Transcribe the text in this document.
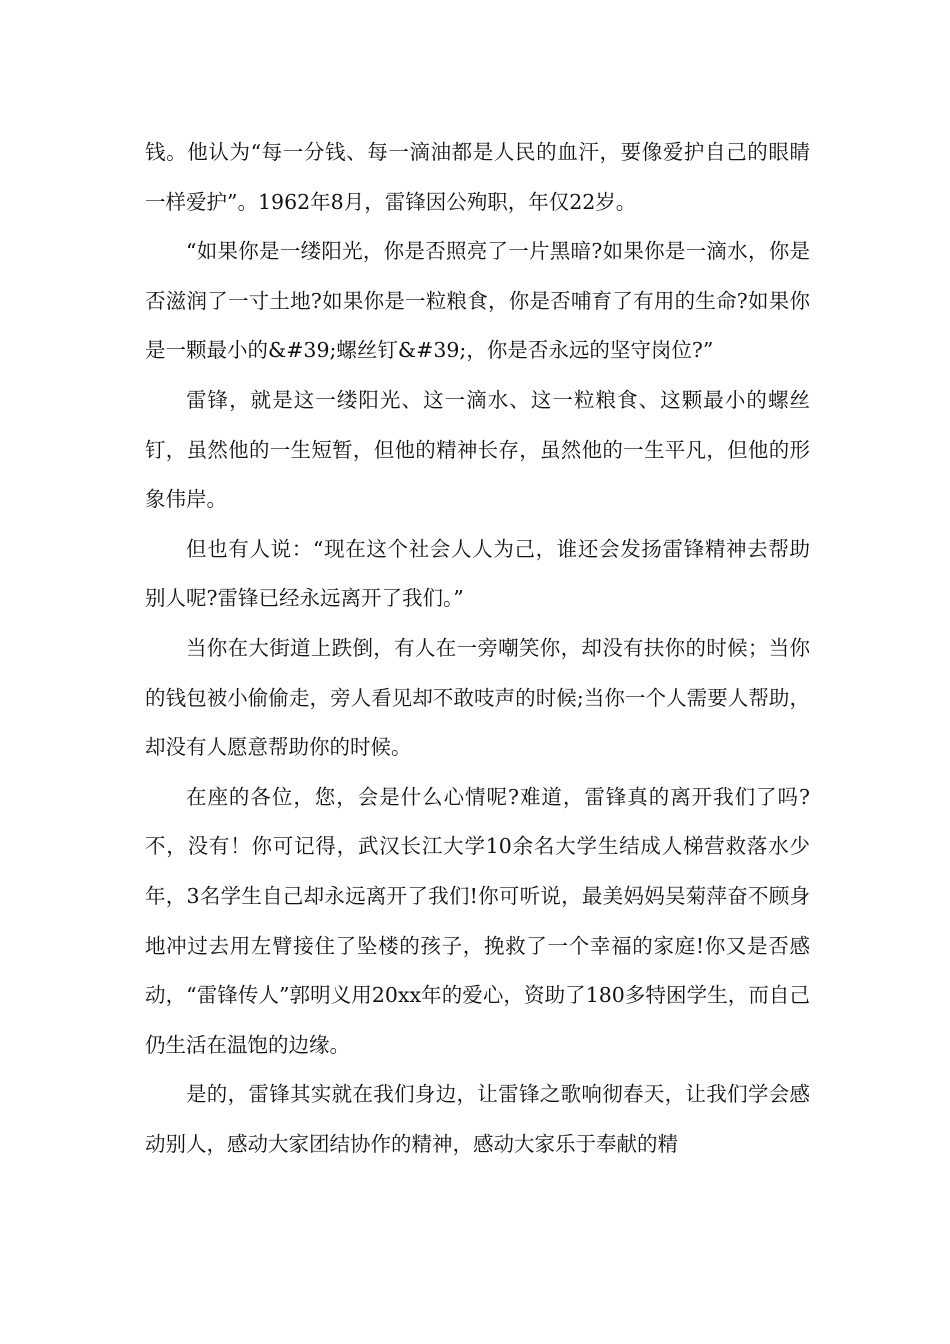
钱。他认为“每一分钱、每一滴油都是人民的血汗，要像爱护自己的眼睛一样爱护”。1962年8月，雷锋因公殉职，年仅22岁。

“如果你是一缕阳光，你是否照亮了一片黑暗?如果你是一滴水，你是否滋润了一寸土地?如果你是一粒粮食，你是否哺育了有用的生命?如果你是一颗最小的&#39;螺丝钉&#39;，你是否永远的坚守岗位?”

雷锋，就是这一缕阳光、这一滴水、这一粒粮食、这颗最小的螺丝钉，虽然他的一生短暂，但他的精神长存，虽然他的一生平凡，但他的形象伟岸。

但也有人说：“现在这个社会人人为己，谁还会发扬雷锋精神去帮助别人呢?雷锋已经永远离开了我们。”

当你在大街道上跌倒，有人在一旁嘲笑你，却没有扶你的时候；当你的钱包被小偷偷走，旁人看见却不敢吱声的时候;当你一个人需要人帮助，却没有人愿意帮助你的时候。

在座的各位，您，会是什么心情呢?难道，雷锋真的离开我们了吗?不，没有！你可记得，武汉长江大学10余名大学生结成人梯营救落水少年，3名学生自己却永远离开了我们!你可听说，最美妈妈吴菊萍奋不顾身地冲过去用左臂接住了坠楼的孩子，挽救了一个幸福的家庭!你又是否感动，“雷锋传人”郭明义用20xx年的爱心，资助了180多特困学生，而自己仍生活在温饱的边缘。

是的，雷锋其实就在我们身边，让雷锋之歌响彻春天，让我们学会感动别人，感动大家团结协作的精神，感动大家乐于奉献的精
